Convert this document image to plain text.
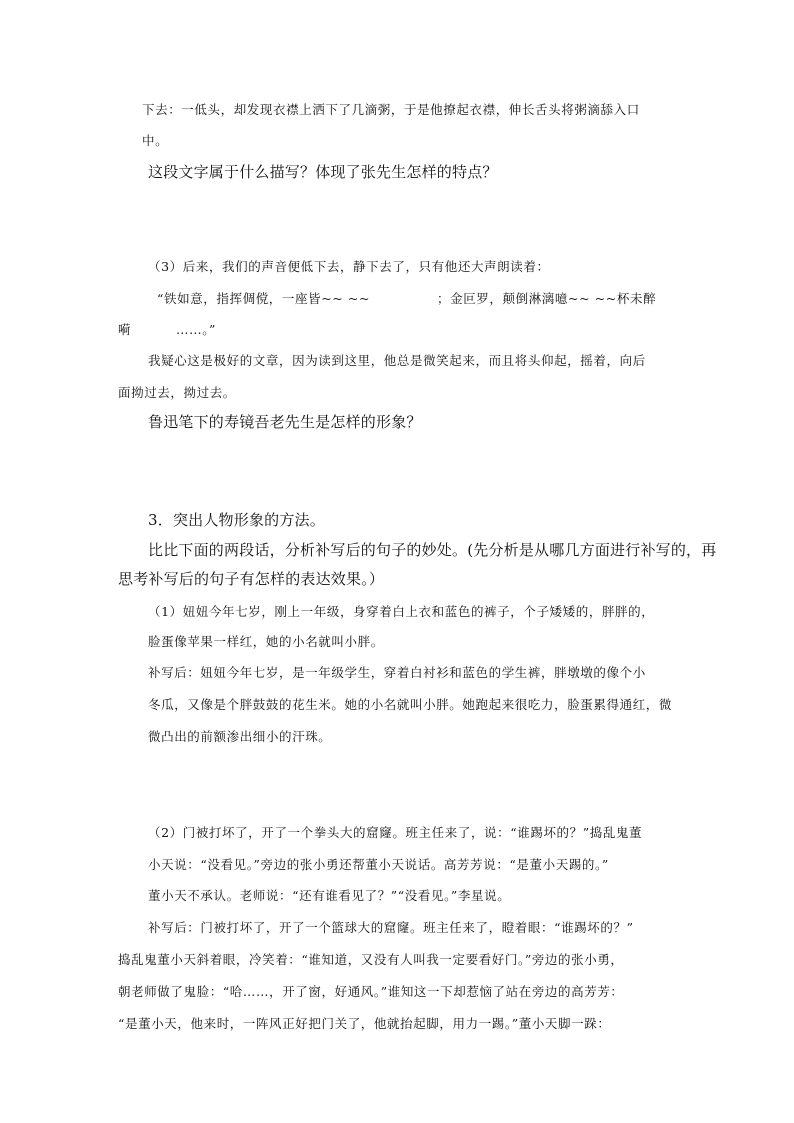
下去：一低头，却发现衣襟上洒下了几滴粥，于是他撩起衣襟，伸长舌头将粥滴舔入口
中。
这段文字属于什么描写？体现了张先生怎样的特点？
（3）后来，我们的声音便低下去，静下去了，只有他还大声朗读着：
“铁如意，指挥倜傥，一座皆~~ ~~	；金叵罗，颠倒淋漓噫~~ ~~杯未醉
嗬	……。”
我疑心这是极好的文章，因为读到这里，他总是微笑起来，而且将头仰起，摇着，向后
面拗过去，拗过去。
鲁迅笔下的寿镜吾老先生是怎样的形象？
3．突出人物形象的方法。
比比下面的两段话，分析补写后的句子的妙处。(先分析是从哪几方面进行补写的，再
思考补写后的句子有怎样的表达效果。）
（1）妞妞今年七岁，刚上一年级，身穿着白上衣和蓝色的裤子，个子矮矮的，胖胖的，
脸蛋像苹果一样红，她的小名就叫小胖。
补写后：妞妞今年七岁，是一年级学生，穿着白衬衫和蓝色的学生裤，胖墩墩的像个小
冬瓜，又像是个胖鼓鼓的花生米。她的小名就叫小胖。她跑起来很吃力，脸蛋累得通红，微
微凸出的前额渗出细小的汗珠。
（2）门被打坏了，开了一个拳头大的窟窿。班主任来了，说：“谁踢坏的？”捣乱鬼董
小天说：“没看见。”旁边的张小勇还帮董小天说话。高芳芳说：“是董小天踢的。”
董小天不承认。老师说：“还有谁看见了？”“没看见。”李星说。
补写后：门被打坏了，开了一个篮球大的窟窿。班主任来了，瞪着眼：“谁踢坏的？”
捣乱鬼董小天斜着眼，冷笑着：“谁知道，又没有人叫我一定要看好门。”旁边的张小勇，
朝老师做了鬼脸：“哈……，开了窗，好通风。”谁知这一下却惹恼了站在旁边的高芳芳：
“是董小天，他来时，一阵风正好把门关了，他就抬起脚，用力一踢。”董小天脚一跺：
